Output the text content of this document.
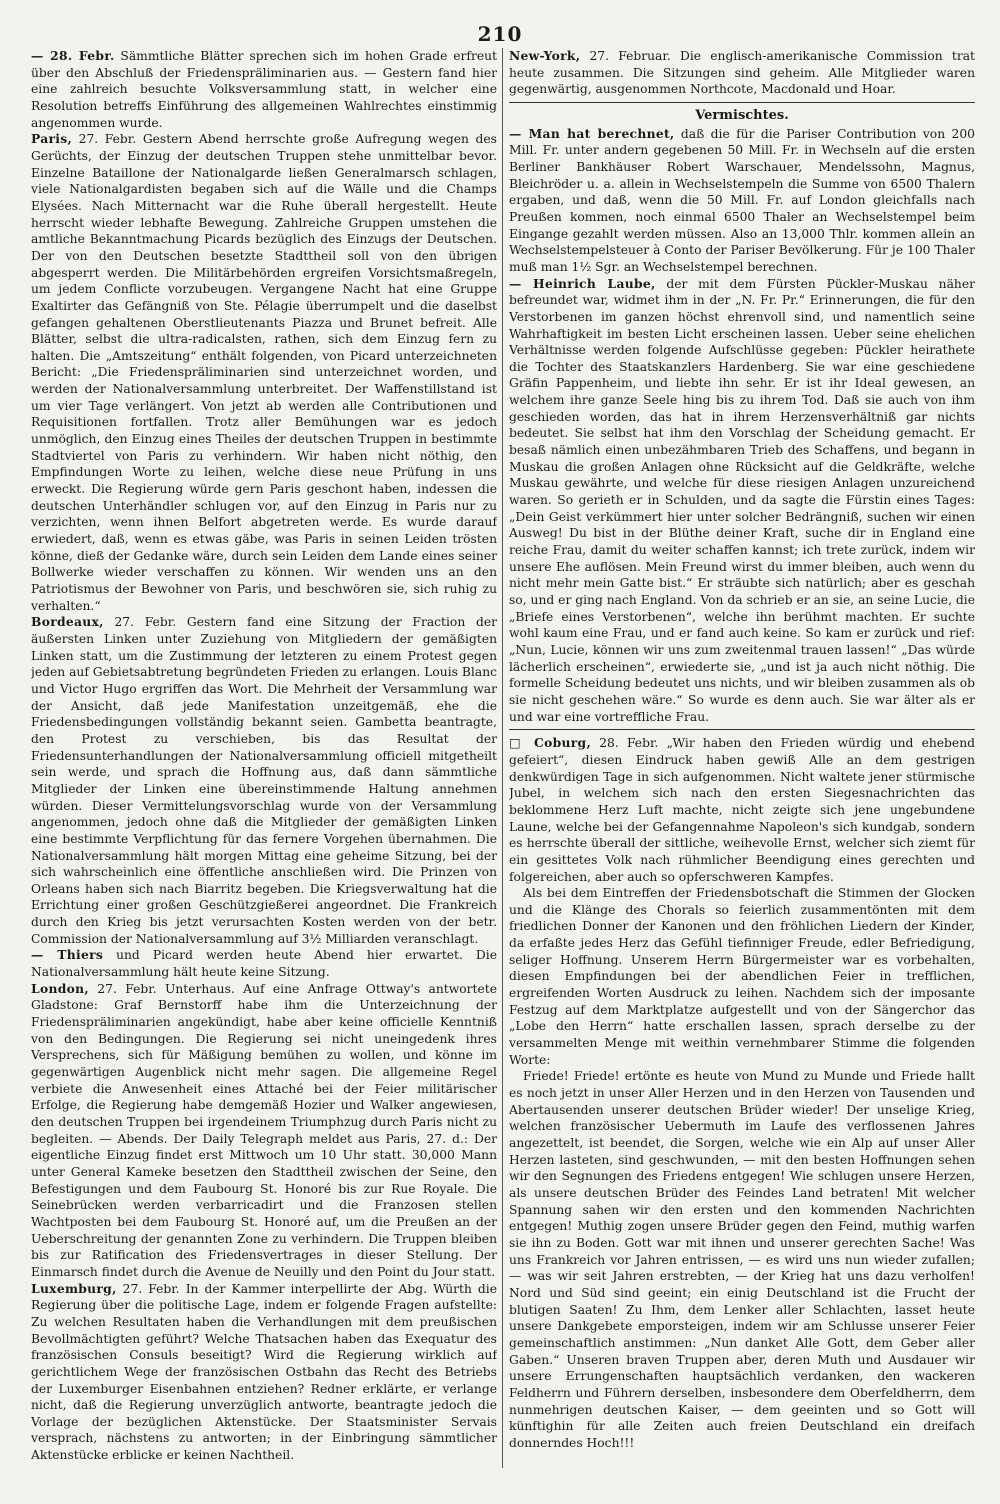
210

— 28. Febr. Sämmtliche Blätter sprechen sich im hohen Grade erfreut über den Abschluß der Friedenspräliminarien aus. — Gestern fand hier eine zahlreich besuchte Volksversammlung statt, in welcher eine Resolution betreffs Einführung des allgemeinen Wahlrechtes einstimmig angenommen wurde.

Paris, 27. Febr. Gestern Abend herrschte große Aufregung wegen des Gerüchts, der Einzug der deutschen Truppen stehe unmittelbar bevor. Einzelne Bataillone der Nationalgarde ließen Generalmarsch schlagen, viele Nationalgardisten begaben sich auf die Wälle und die Champs Elysées. Nach Mitternacht war die Ruhe überall hergestellt. Heute herrscht wieder lebhafte Bewegung. Zahlreiche Gruppen umstehen die amtliche Bekanntmachung Picards bezüglich des Einzugs der Deutschen. Der von den Deutschen besetzte Stadttheil soll von den übrigen abgesperrt werden. Die Militärbehörden ergreifen Vorsichtsmaßregeln, um jedem Conflicte vorzubeugen. Vergangene Nacht hat eine Gruppe Exaltirter das Gefängniß von Ste. Pélagie überrumpelt und die daselbst gefangen gehaltenen Oberstlieutenants Piazza und Brunet befreit. Alle Blätter, selbst die ultra-radicalsten, rathen, sich dem Einzug fern zu halten. Die „Amtszeitung“ enthält folgenden, von Picard unterzeichneten Bericht: „Die Friedenspräliminarien sind unterzeichnet worden, und werden der Nationalversammlung unterbreitet. Der Waffenstillstand ist um vier Tage verlängert. Von jetzt ab werden alle Contributionen und Requisitionen fortfallen. Trotz aller Bemühungen war es jedoch unmöglich, den Einzug eines Theiles der deutschen Truppen in bestimmte Stadtviertel von Paris zu verhindern. Wir haben nicht nöthig, den Empfindungen Worte zu leihen, welche diese neue Prüfung in uns erweckt. Die Regierung würde gern Paris geschont haben, indessen die deutschen Unterhändler schlugen vor, auf den Einzug in Paris nur zu verzichten, wenn ihnen Belfort abgetreten werde. Es wurde darauf erwiedert, daß, wenn es etwas gäbe, was Paris in seinen Leiden trösten könne, dieß der Gedanke wäre, durch sein Leiden dem Lande eines seiner Bollwerke wieder verschaffen zu können. Wir wenden uns an den Patriotismus der Bewohner von Paris, und beschwören sie, sich ruhig zu verhalten.“

Bordeaux, 27. Febr. Gestern fand eine Sitzung der Fraction der äußersten Linken unter Zuziehung von Mitgliedern der gemäßigten Linken statt, um die Zustimmung der letzteren zu einem Protest gegen jeden auf Gebietsabtretung begründeten Frieden zu erlangen. Louis Blanc und Victor Hugo ergriffen das Wort. Die Mehrheit der Versammlung war der Ansicht, daß jede Manifestation unzeitgemäß, ehe die Friedensbedingungen vollständig bekannt seien. Gambetta beantragte, den Protest zu verschieben, bis das Resultat der Friedensunterhandlungen der Nationalversammlung officiell mitgetheilt sein werde, und sprach die Hoffnung aus, daß dann sämmtliche Mitglieder der Linken eine übereinstimmende Haltung annehmen würden. Dieser Vermittelungsvorschlag wurde von der Versammlung angenommen, jedoch ohne daß die Mitglieder der gemäßigten Linken eine bestimmte Verpflichtung für das fernere Vorgehen übernahmen. Die Nationalversammlung hält morgen Mittag eine geheime Sitzung, bei der sich wahrscheinlich eine öffentliche anschließen wird. Die Prinzen von Orleans haben sich nach Biarritz begeben. Die Kriegsverwaltung hat die Errichtung einer großen Geschützgießerei angeordnet. Die Frankreich durch den Krieg bis jetzt verursachten Kosten werden von der betr. Commission der Nationalversammlung auf 3½ Milliarden veranschlagt.

— Thiers und Picard werden heute Abend hier erwartet. Die Nationalversammlung hält heute keine Sitzung.

London, 27. Febr. Unterhaus. Auf eine Anfrage Ottway's antwortete Gladstone: Graf Bernstorff habe ihm die Unterzeichnung der Friedenspräliminarien angekündigt, habe aber keine officielle Kenntniß von den Bedingungen. Die Regierung sei nicht uneingedenk ihres Versprechens, sich für Mäßigung bemühen zu wollen, und könne im gegenwärtigen Augenblick nicht mehr sagen. Die allgemeine Regel verbiete die Anwesenheit eines Attaché bei der Feier militärischer Erfolge, die Regierung habe demgemäß Hozier und Walker angewiesen, den deutschen Truppen bei irgendeinem Triumphzug durch Paris nicht zu begleiten. — Abends. Der Daily Telegraph meldet aus Paris, 27. d.: Der eigentliche Einzug findet erst Mittwoch um 10 Uhr statt. 30,000 Mann unter General Kameke besetzen den Stadttheil zwischen der Seine, den Befestigungen und dem Faubourg St. Honoré bis zur Rue Royale. Die Seinebrücken werden verbarricadirt und die Franzosen stellen Wachtposten bei dem Faubourg St. Honoré auf, um die Preußen an der Ueberschreitung der genannten Zone zu verhindern. Die Truppen bleiben bis zur Ratification des Friedensvertrages in dieser Stellung. Der Einmarsch findet durch die Avenue de Neuilly und den Point du Jour statt.

Luxemburg, 27. Febr. In der Kammer interpellirte der Abg. Würth die Regierung über die politische Lage, indem er folgende Fragen aufstellte: Zu welchen Resultaten haben die Verhandlungen mit dem preußischen Bevollmächtigten geführt? Welche Thatsachen haben das Exequatur des französischen Consuls beseitigt? Wird die Regierung wirklich auf gerichtlichem Wege der französischen Ostbahn das Recht des Betriebs der Luxemburger Eisenbahnen entziehen? Redner erklärte, er verlange nicht, daß die Regierung unverzüglich antworte, beantragte jedoch die Vorlage der bezüglichen Aktenstücke. Der Staatsminister Servais versprach, nächstens zu antworten; in der Einbringung sämmtlicher Aktenstücke erblicke er keinen Nachtheil.

New-York, 27. Februar. Die englisch-amerikanische Commission trat heute zusammen. Die Sitzungen sind geheim. Alle Mitglieder waren gegenwärtig, ausgenommen Northcote, Macdonald und Hoar.

Vermischtes.

— Man hat berechnet, daß die für die Pariser Contribution von 200 Mill. Fr. unter andern gegebenen 50 Mill. Fr. in Wechseln auf die ersten Berliner Bankhäuser Robert Warschauer, Mendelssohn, Magnus, Bleichröder u. a. allein in Wechselstempeln die Summe von 6500 Thalern ergaben, und daß, wenn die 50 Mill. Fr. auf London gleichfalls nach Preußen kommen, noch einmal 6500 Thaler an Wechselstempel beim Eingange gezahlt werden müssen. Also an 13,000 Thlr. kommen allein an Wechselstempelsteuer à Conto der Pariser Bevölkerung. Für je 100 Thaler muß man 1½ Sgr. an Wechselstempel berechnen.

— Heinrich Laube, der mit dem Fürsten Pückler-Muskau näher befreundet war, widmet ihm in der „N. Fr. Pr.“ Erinnerungen, die für den Verstorbenen im ganzen höchst ehrenvoll sind, und namentlich seine Wahrhaftigkeit im besten Licht erscheinen lassen. Ueber seine ehelichen Verhältnisse werden folgende Aufschlüsse gegeben: Pückler heirathete die Tochter des Staatskanzlers Hardenberg. Sie war eine geschiedene Gräfin Pappenheim, und liebte ihn sehr. Er ist ihr Ideal gewesen, an welchem ihre ganze Seele hing bis zu ihrem Tod. Daß sie auch von ihm geschieden worden, das hat in ihrem Herzensverhältniß gar nichts bedeutet. Sie selbst hat ihm den Vorschlag der Scheidung gemacht. Er besaß nämlich einen unbezähmbaren Trieb des Schaffens, und begann in Muskau die großen Anlagen ohne Rücksicht auf die Geldkräfte, welche Muskau gewährte, und welche für diese riesigen Anlagen unzureichend waren. So gerieth er in Schulden, und da sagte die Fürstin eines Tages: „Dein Geist verkümmert hier unter solcher Bedrängniß, suchen wir einen Ausweg! Du bist in der Blüthe deiner Kraft, suche dir in England eine reiche Frau, damit du weiter schaffen kannst; ich trete zurück, indem wir unsere Ehe auflösen. Mein Freund wirst du immer bleiben, auch wenn du nicht mehr mein Gatte bist.“ Er sträubte sich natürlich; aber es geschah so, und er ging nach England. Von da schrieb er an sie, an seine Lucie, die „Briefe eines Verstorbenen“, welche ihn berühmt machten. Er suchte wohl kaum eine Frau, und er fand auch keine. So kam er zurück und rief: „Nun, Lucie, können wir uns zum zweitenmal trauen lassen!“ „Das würde lächerlich erscheinen“, erwiederte sie, „und ist ja auch nicht nöthig. Die formelle Scheidung bedeutet uns nichts, und wir bleiben zusammen als ob sie nicht geschehen wäre.“ So wurde es denn auch. Sie war älter als er und war eine vortreffliche Frau.

□ Coburg, 28. Febr. „Wir haben den Frieden würdig und ehebend gefeiert“, diesen Eindruck haben gewiß Alle an dem gestrigen denkwürdigen Tage in sich aufgenommen. Nicht waltete jener stürmische Jubel, in welchem sich nach den ersten Siegesnachrichten das beklommene Herz Luft machte, nicht zeigte sich jene ungebundene Laune, welche bei der Gefangennahme Napoleon's sich kundgab, sondern es herrschte überall der sittliche, weihevolle Ernst, welcher sich ziemt für ein gesittetes Volk nach rühmlicher Beendigung eines gerechten und folgereichen, aber auch so opferschweren Kampfes.

Als bei dem Eintreffen der Friedensbotschaft die Stimmen der Glocken und die Klänge des Chorals so feierlich zusammentönten mit dem friedlichen Donner der Kanonen und den fröhlichen Liedern der Kinder, da erfaßte jedes Herz das Gefühl tiefinniger Freude, edler Befriedigung, seliger Hoffnung. Unserem Herrn Bürgermeister war es vorbehalten, diesen Empfindungen bei der abendlichen Feier in trefflichen, ergreifenden Worten Ausdruck zu leihen. Nachdem sich der imposante Festzug auf dem Marktplatze aufgestellt und von der Sängerchor das „Lobe den Herrn“ hatte erschallen lassen, sprach derselbe zu der versammelten Menge mit weithin vernehmbarer Stimme die folgenden Worte:

Friede! Friede! ertönte es heute von Mund zu Munde und Friede hallt es noch jetzt in unser Aller Herzen und in den Herzen von Tausenden und Abertausenden unserer deutschen Brüder wieder! Der unselige Krieg, welchen französischer Uebermuth im Laufe des verflossenen Jahres angezettelt, ist beendet, die Sorgen, welche wie ein Alp auf unser Aller Herzen lasteten, sind geschwunden, — mit den besten Hoffnungen sehen wir den Segnungen des Friedens entgegen! Wie schlugen unsere Herzen, als unsere deutschen Brüder des Feindes Land betraten! Mit welcher Spannung sahen wir den ersten und den kommenden Nachrichten entgegen! Muthig zogen unsere Brüder gegen den Feind, muthig warfen sie ihn zu Boden. Gott war mit ihnen und unserer gerechten Sache! Was uns Frankreich vor Jahren entrissen, — es wird uns nun wieder zufallen; — was wir seit Jahren erstrebten, — der Krieg hat uns dazu verholfen! Nord und Süd sind geeint; ein einig Deutschland ist die Frucht der blutigen Saaten! Zu Ihm, dem Lenker aller Schlachten, lasset heute unsere Dankgebete emporsteigen, indem wir am Schlusse unserer Feier gemeinschaftlich anstimmen: „Nun danket Alle Gott, dem Geber aller Gaben.“ Unseren braven Truppen aber, deren Muth und Ausdauer wir unsere Errungenschaften hauptsächlich verdanken, den wackeren Feldherrn und Führern derselben, insbesondere dem Oberfeldherrn, dem nunmehrigen deutschen Kaiser, — dem geeinten und so Gott will künftighin für alle Zeiten auch freien Deutschland ein dreifach donnerndes Hoch!!!
